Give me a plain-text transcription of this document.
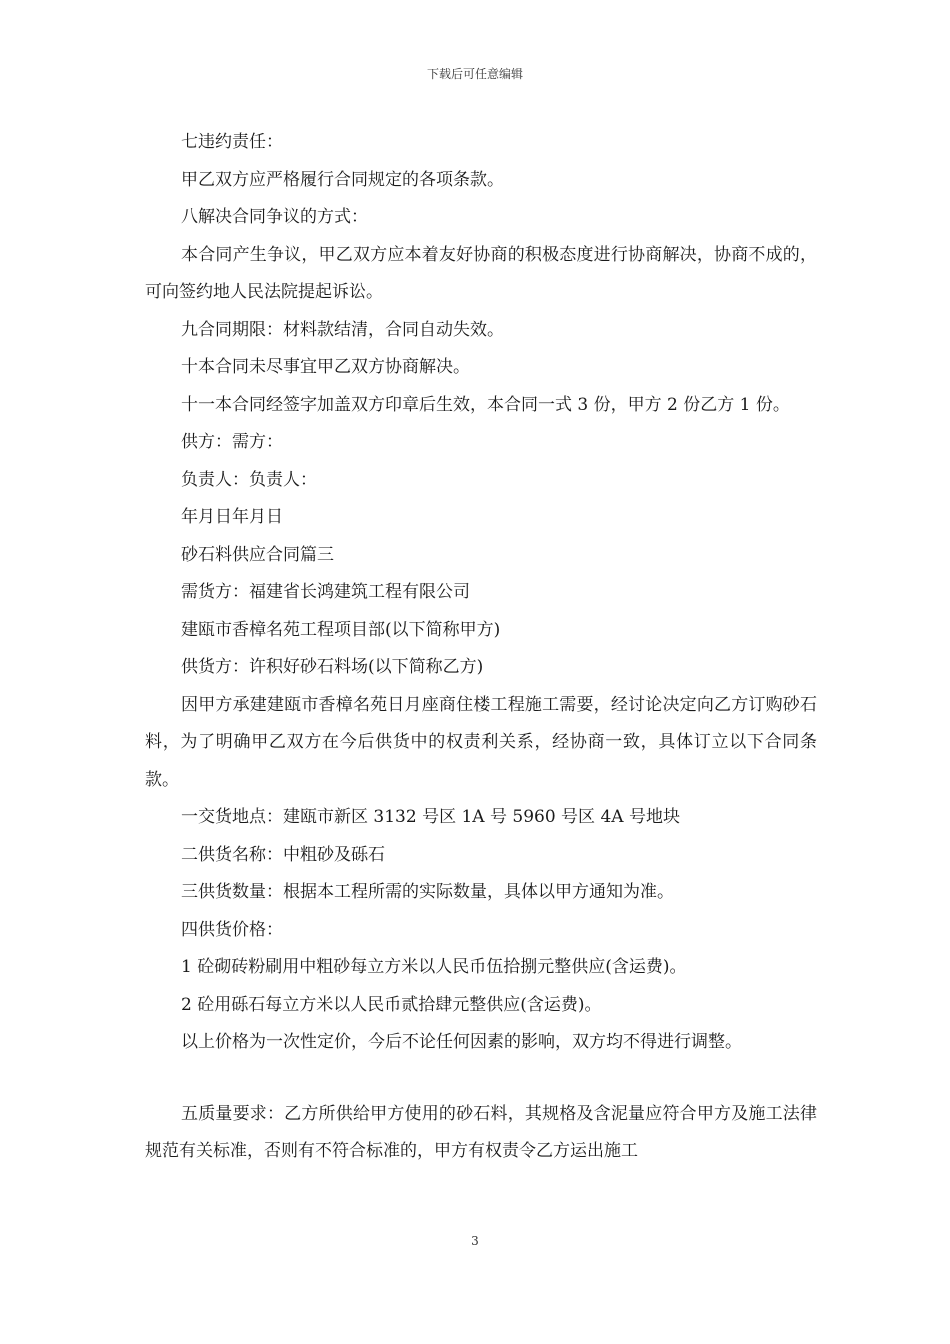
下载后可任意编辑

七违约责任：

甲乙双方应严格履行合同规定的各项条款。

八解决合同争议的方式：

本合同产生争议，甲乙双方应本着友好协商的积极态度进行协商解决，协商不成的，可向签约地人民法院提起诉讼。

九合同期限：材料款结清，合同自动失效。

十本合同未尽事宜甲乙双方协商解决。

十一本合同经签字加盖双方印章后生效，本合同一式 3 份，甲方 2 份乙方 1 份。

供方：需方：

负责人：负责人：

年月日年月日

砂石料供应合同篇三

需货方：福建省长鸿建筑工程有限公司

建瓯市香樟名苑工程项目部(以下简称甲方)

供货方：许积好砂石料场(以下简称乙方)

因甲方承建建瓯市香樟名苑日月座商住楼工程施工需要，经讨论决定向乙方订购砂石料，为了明确甲乙双方在今后供货中的权责利关系，经协商一致，具体订立以下合同条款。

一交货地点：建瓯市新区 3132 号区 1A 号 5960 号区 4A 号地块

二供货名称：中粗砂及砾石

三供货数量：根据本工程所需的实际数量，具体以甲方通知为准。

四供货价格：

1 砼砌砖粉刷用中粗砂每立方米以人民币伍拾捌元整供应(含运费)。

2 砼用砾石每立方米以人民币贰拾肆元整供应(含运费)。

以上价格为一次性定价，今后不论任何因素的影响，双方均不得进行调整。

五质量要求：乙方所供给甲方使用的砂石料，其规格及含泥量应符合甲方及施工法律规范有关标准，否则有不符合标准的，甲方有权责令乙方运出施工

3
